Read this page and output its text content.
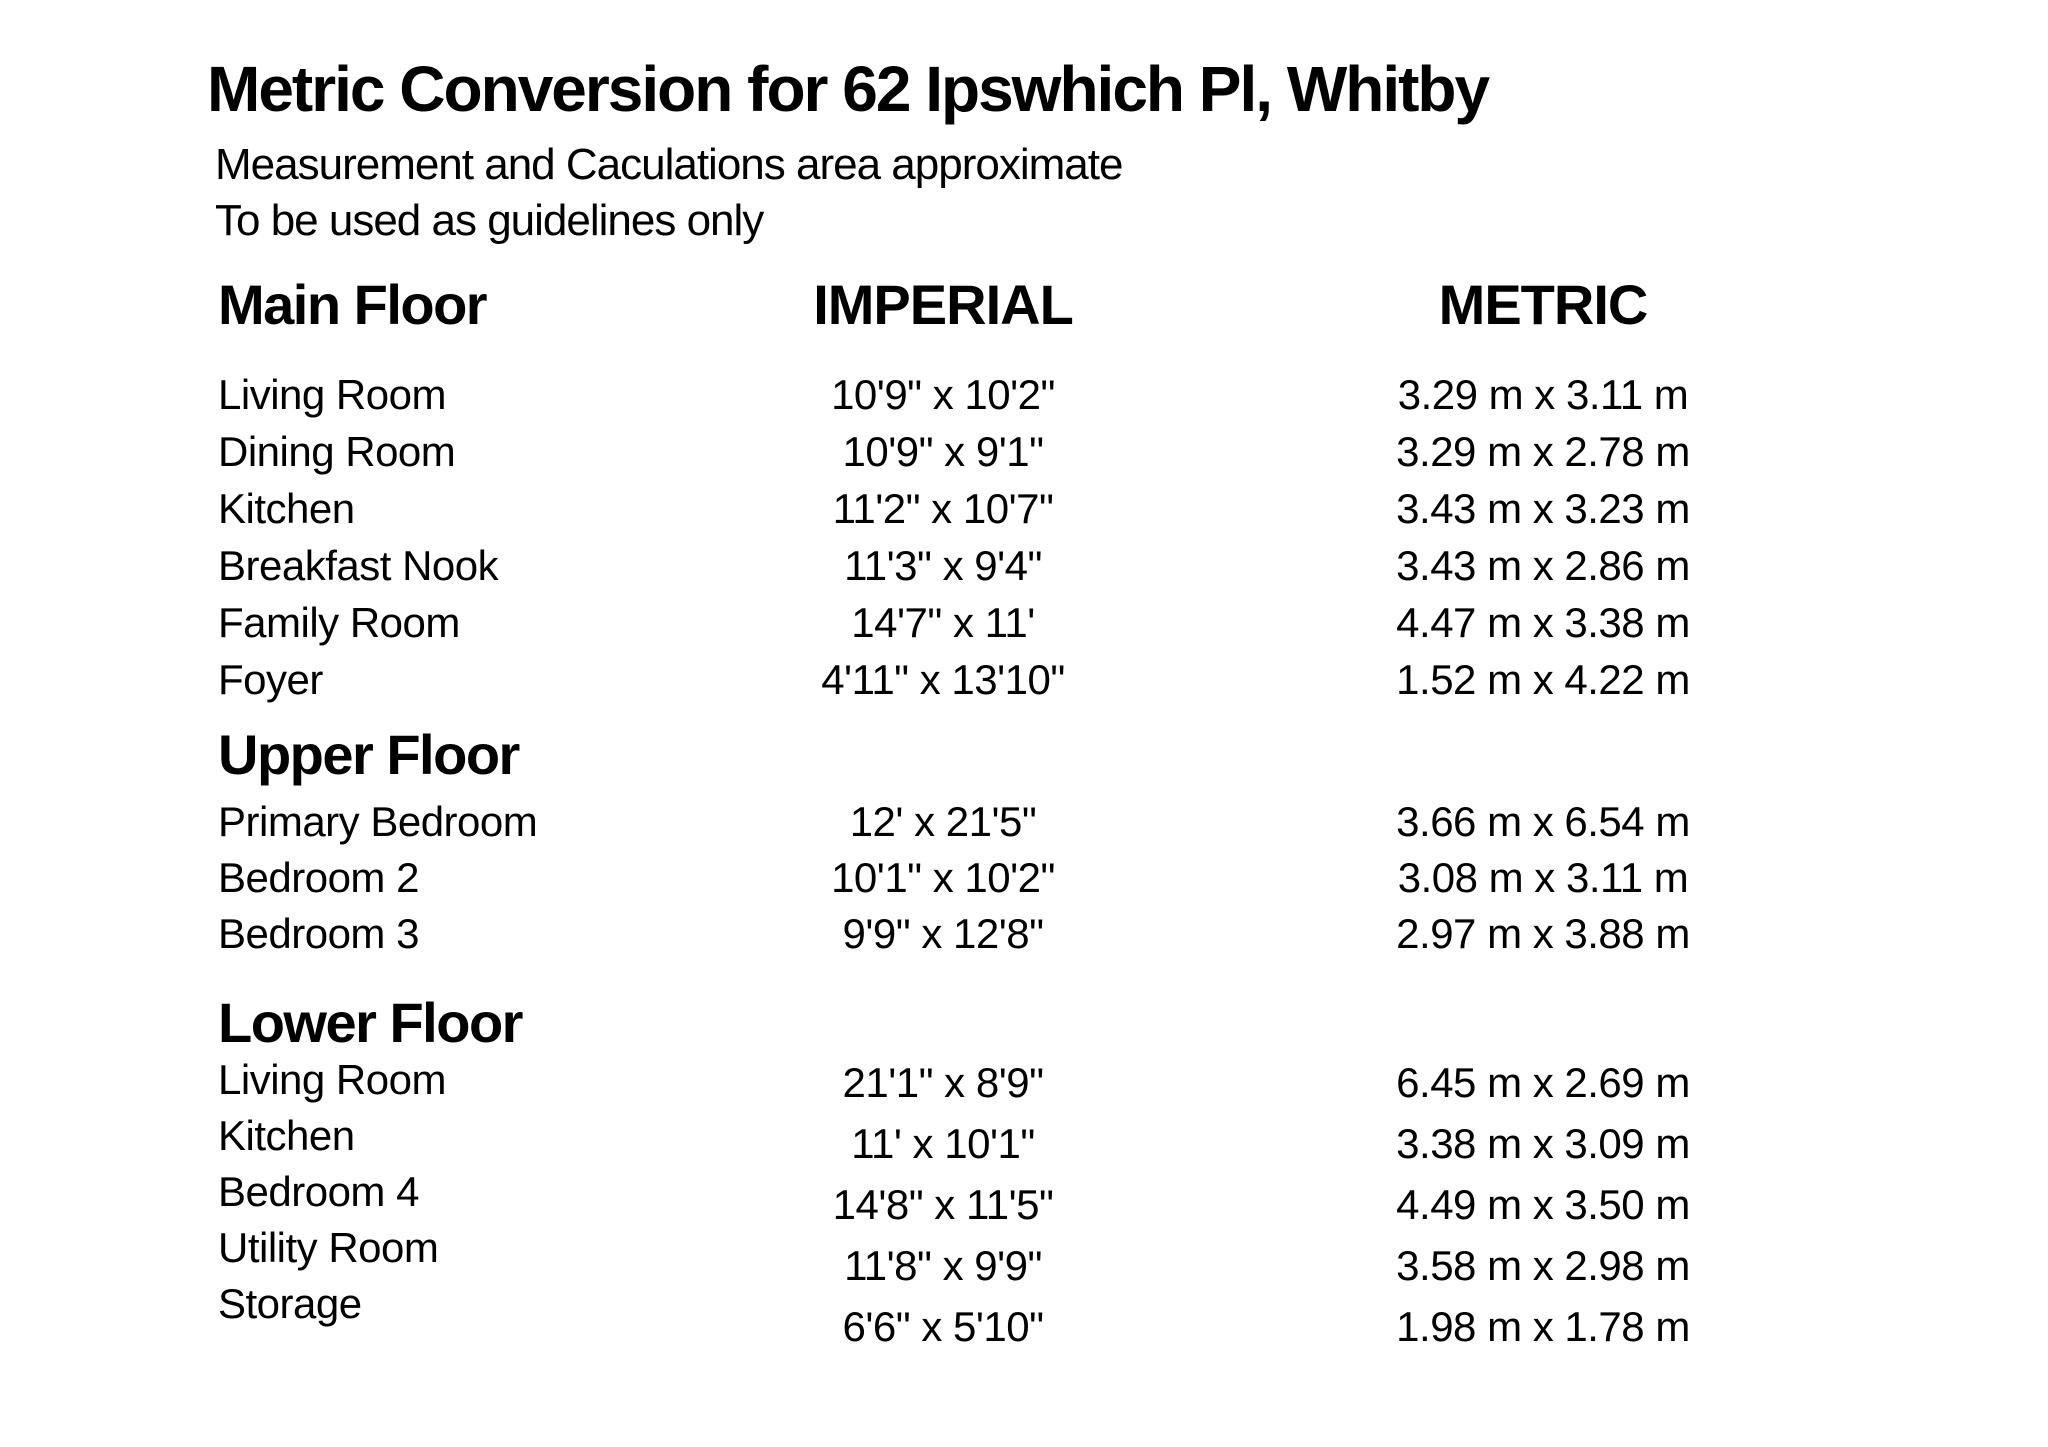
Metric Conversion for 62 Ipswhich Pl, Whitby
Measurement and Caculations area approximate
To be used as guidelines only
Main Floor	IMPERIAL	METRIC
Living Room
Dining Room
Kitchen
Breakfast Nook
Family Room
Foyer
10'9" x 10'2"
10'9" x 9'1"
11'2" x 10'7"
11'3" x 9'4"
14'7" x 11'
4'11" x 13'10"
3.29 m x 3.11 m
3.29 m x 2.78 m
3.43 m x 3.23 m
3.43 m x 2.86 m
4.47 m x 3.38 m
1.52 m x 4.22 m
Upper Floor
Primary Bedroom
Bedroom 2
Bedroom 3
12' x 21'5"
10'1" x 10'2"
9'9" x 12'8"
3.66 m x 6.54 m
3.08 m x 3.11 m
2.97 m x 3.88 m
Lower Floor
Living Room
Kitchen
Bedroom 4
Utility Room
Storage
21'1" x 8'9"
11' x 10'1"
14'8" x 11'5"
11'8" x 9'9"
6'6" x 5'10"
6.45 m x 2.69 m
3.38 m x 3.09 m
4.49 m x 3.50 m
3.58 m x 2.98 m
1.98 m x 1.78 m
